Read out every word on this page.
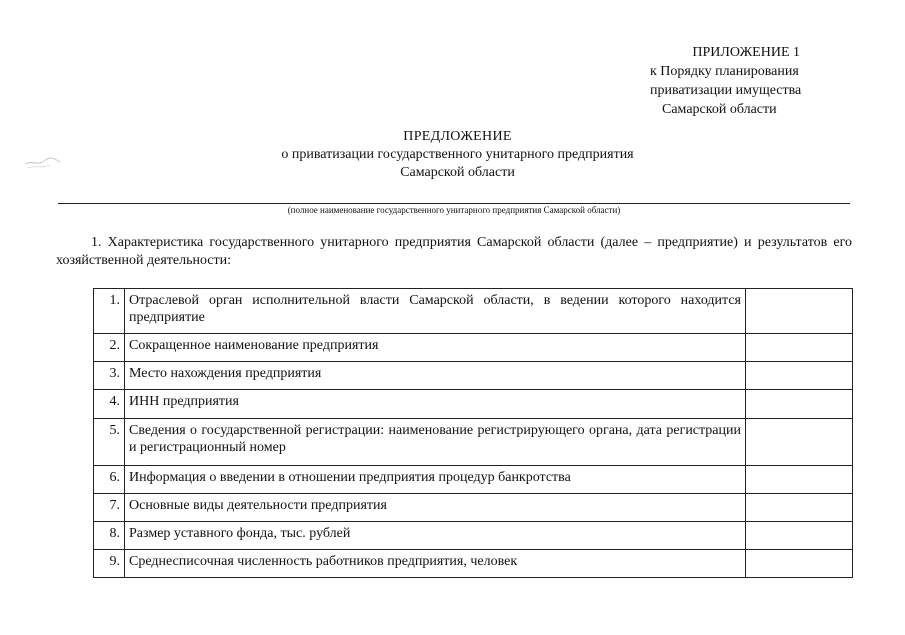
ПРИЛОЖЕНИЕ 1
к Порядку планирования
приватизации имущества
Самарской области
ПРЕДЛОЖЕНИЕ
о приватизации государственного унитарного предприятия
Самарской области
(полное наименование государственного унитарного предприятия Самарской области)
1. Характеристика государственного унитарного предприятия Самарской области (далее – предприятие) и результатов его хозяйственной деятельности:
1.	Отраслевой орган исполнительной власти Самарской области, в ведении которого находится предприятие	
2.	Сокращенное наименование предприятия	
3.	Место нахождения предприятия	
4.	ИНН предприятия	
5.	Сведения о государственной регистрации: наименование регистрирующего органа, дата регистрации и регистрационный номер	
6.	Информация о введении в отношении предприятия процедур банкротства	
7.	Основные виды деятельности предприятия	
8.	Размер уставного фонда, тыс. рублей	
9.	Среднесписочная численность работников предприятия, человек	
